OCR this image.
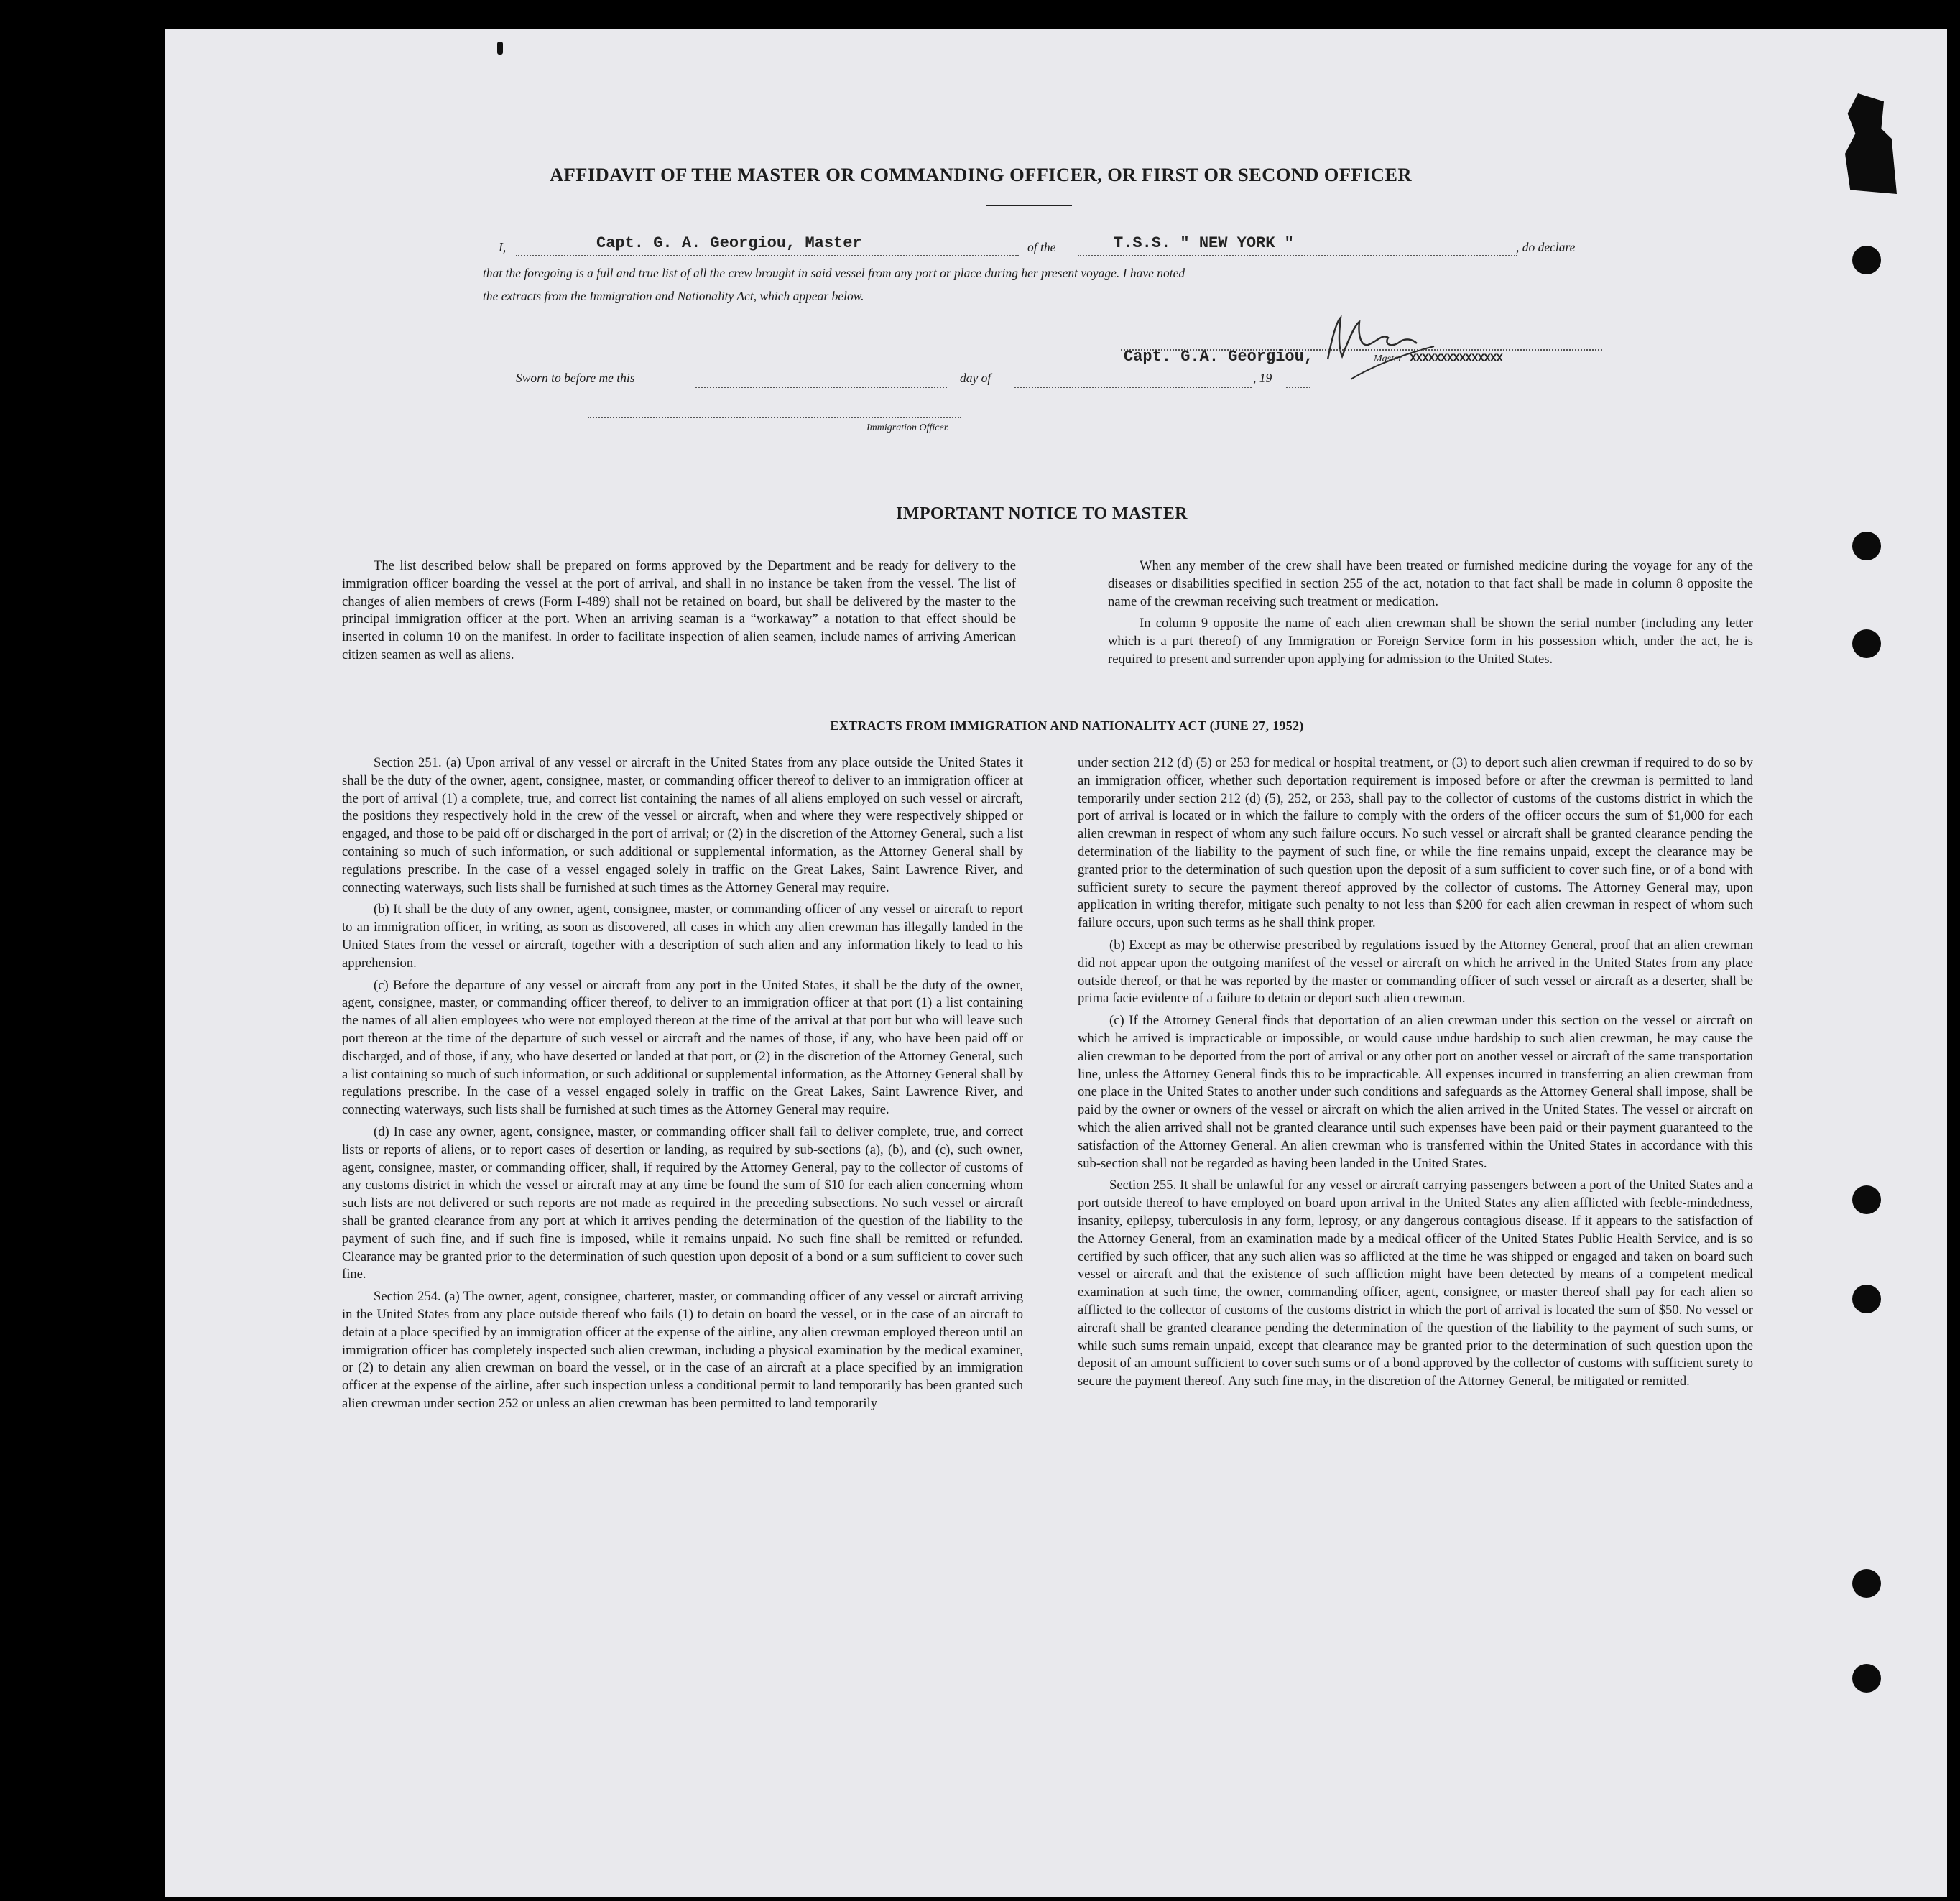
AFFIDAVIT OF THE MASTER OR COMMANDING OFFICER, OR FIRST OR SECOND OFFICER
I,	Capt. G. A. Georgiou, Master	of the	T.S.S. " NEW YORK "	, do declare
that the foregoing is a full and true list of all the crew brought in said vessel from any port or place during her present voyage. I have noted
the extracts from the Immigration and Nationality Act, which appear below.
Capt. G.A. Georgiou,	Master XXXXXXXXXXXXXXX
Sworn to before me this	day of	, 19
Immigration Officer.
IMPORTANT NOTICE TO MASTER

The list described below shall be prepared on forms approved by the Department and be ready for delivery to the immigration officer boarding the vessel at the port of arrival, and shall in no instance be taken from the vessel. The list of changes of alien members of crews (Form I-489) shall not be retained on board, but shall be delivered by the master to the principal immigration officer at the port. When an arriving seaman is a “workaway” a notation to that effect should be inserted in column 10 on the manifest. In order to facilitate inspection of alien seamen, include names of arriving American citizen seamen as well as aliens.

When any member of the crew shall have been treated or furnished medicine during the voyage for any of the diseases or disabilities specified in section 255 of the act, notation to that fact shall be made in column 8 opposite the name of the crewman receiving such treatment or medication.

In column 9 opposite the name of each alien crewman shall be shown the serial number (including any letter which is a part thereof) of any Immigration or Foreign Service form in his possession which, under the act, he is required to present and surrender upon applying for admission to the United States.

EXTRACTS FROM IMMIGRATION AND NATIONALITY ACT (JUNE 27, 1952)

Section 251. (a) Upon arrival of any vessel or aircraft in the United States from any place outside the United States it shall be the duty of the owner, agent, consignee, master, or commanding officer thereof to deliver to an immigration officer at the port of arrival (1) a complete, true, and correct list containing the names of all aliens employed on such vessel or aircraft, the positions they respectively hold in the crew of the vessel or aircraft, when and where they were respectively shipped or engaged, and those to be paid off or discharged in the port of arrival; or (2) in the discretion of the Attorney General, such a list containing so much of such information, or such additional or supplemental information, as the Attorney General shall by regulations prescribe. In the case of a vessel engaged solely in traffic on the Great Lakes, Saint Lawrence River, and connecting waterways, such lists shall be furnished at such times as the Attorney General may require.

(b) It shall be the duty of any owner, agent, consignee, master, or commanding officer of any vessel or aircraft to report to an immigration officer, in writing, as soon as discovered, all cases in which any alien crewman has illegally landed in the United States from the vessel or aircraft, together with a description of such alien and any information likely to lead to his apprehension.

(c) Before the departure of any vessel or aircraft from any port in the United States, it shall be the duty of the owner, agent, consignee, master, or commanding officer thereof, to deliver to an immigration officer at that port (1) a list containing the names of all alien employees who were not employed thereon at the time of the arrival at that port but who will leave such port thereon at the time of the departure of such vessel or aircraft and the names of those, if any, who have been paid off or discharged, and of those, if any, who have deserted or landed at that port, or (2) in the discretion of the Attorney General, such a list containing so much of such information, or such additional or supplemental information, as the Attorney General shall by regulations prescribe. In the case of a vessel engaged solely in traffic on the Great Lakes, Saint Lawrence River, and connecting waterways, such lists shall be furnished at such times as the Attorney General may require.

(d) In case any owner, agent, consignee, master, or commanding officer shall fail to deliver complete, true, and correct lists or reports of aliens, or to report cases of desertion or landing, as required by sub-sections (a), (b), and (c), such owner, agent, consignee, master, or commanding officer, shall, if required by the Attorney General, pay to the collector of customs of any customs district in which the vessel or aircraft may at any time be found the sum of $10 for each alien concerning whom such lists are not delivered or such reports are not made as required in the preceding subsections. No such vessel or aircraft shall be granted clearance from any port at which it arrives pending the determination of the question of the liability to the payment of such fine, and if such fine is imposed, while it remains unpaid. No such fine shall be remitted or refunded. Clearance may be granted prior to the determination of such question upon deposit of a bond or a sum sufficient to cover such fine.

Section 254. (a) The owner, agent, consignee, charterer, master, or commanding officer of any vessel or aircraft arriving in the United States from any place outside thereof who fails (1) to detain on board the vessel, or in the case of an aircraft to detain at a place specified by an immigration officer at the expense of the airline, any alien crewman employed thereon until an immigration officer has completely inspected such alien crewman, including a physical examination by the medical examiner, or (2) to detain any alien crewman on board the vessel, or in the case of an aircraft at a place specified by an immigration officer at the expense of the airline, after such inspection unless a conditional permit to land temporarily has been granted such alien crewman under section 252 or unless an alien crewman has been permitted to land temporarily

under section 212 (d) (5) or 253 for medical or hospital treatment, or (3) to deport such alien crewman if required to do so by an immigration officer, whether such deportation requirement is imposed before or after the crewman is permitted to land temporarily under section 212 (d) (5), 252, or 253, shall pay to the collector of customs of the customs district in which the port of arrival is located or in which the failure to comply with the orders of the officer occurs the sum of $1,000 for each alien crewman in respect of whom any such failure occurs. No such vessel or aircraft shall be granted clearance pending the determination of the liability to the payment of such fine, or while the fine remains unpaid, except the clearance may be granted prior to the determination of such question upon the deposit of a sum sufficient to cover such fine, or of a bond with sufficient surety to secure the payment thereof approved by the collector of customs. The Attorney General may, upon application in writing therefor, mitigate such penalty to not less than $200 for each alien crewman in respect of whom such failure occurs, upon such terms as he shall think proper.

(b) Except as may be otherwise prescribed by regulations issued by the Attorney General, proof that an alien crewman did not appear upon the outgoing manifest of the vessel or aircraft on which he arrived in the United States from any place outside thereof, or that he was reported by the master or commanding officer of such vessel or aircraft as a deserter, shall be prima facie evidence of a failure to detain or deport such alien crewman.

(c) If the Attorney General finds that deportation of an alien crewman under this section on the vessel or aircraft on which he arrived is impracticable or impossible, or would cause undue hardship to such alien crewman, he may cause the alien crewman to be deported from the port of arrival or any other port on another vessel or aircraft of the same transportation line, unless the Attorney General finds this to be impracticable. All expenses incurred in transferring an alien crewman from one place in the United States to another under such conditions and safeguards as the Attorney General shall impose, shall be paid by the owner or owners of the vessel or aircraft on which the alien arrived in the United States. The vessel or aircraft on which the alien arrived shall not be granted clearance until such expenses have been paid or their payment guaranteed to the satisfaction of the Attorney General. An alien crewman who is transferred within the United States in accordance with this sub-section shall not be regarded as having been landed in the United States.

Section 255. It shall be unlawful for any vessel or aircraft carrying passengers between a port of the United States and a port outside thereof to have employed on board upon arrival in the United States any alien afflicted with feeble-mindedness, insanity, epilepsy, tuberculosis in any form, leprosy, or any dangerous contagious disease. If it appears to the satisfaction of the Attorney General, from an examination made by a medical officer of the United States Public Health Service, and is so certified by such officer, that any such alien was so afflicted at the time he was shipped or engaged and taken on board such vessel or aircraft and that the existence of such affliction might have been detected by means of a competent medical examination at such time, the owner, commanding officer, agent, consignee, or master thereof shall pay for each alien so afflicted to the collector of customs of the customs district in which the port of arrival is located the sum of $50. No vessel or aircraft shall be granted clearance pending the determination of the question of the liability to the payment of such sums, or while such sums remain unpaid, except that clearance may be granted prior to the determination of such question upon the deposit of an amount sufficient to cover such sums or of a bond approved by the collector of customs with sufficient surety to secure the payment thereof. Any such fine may, in the discretion of the Attorney General, be mitigated or remitted.
